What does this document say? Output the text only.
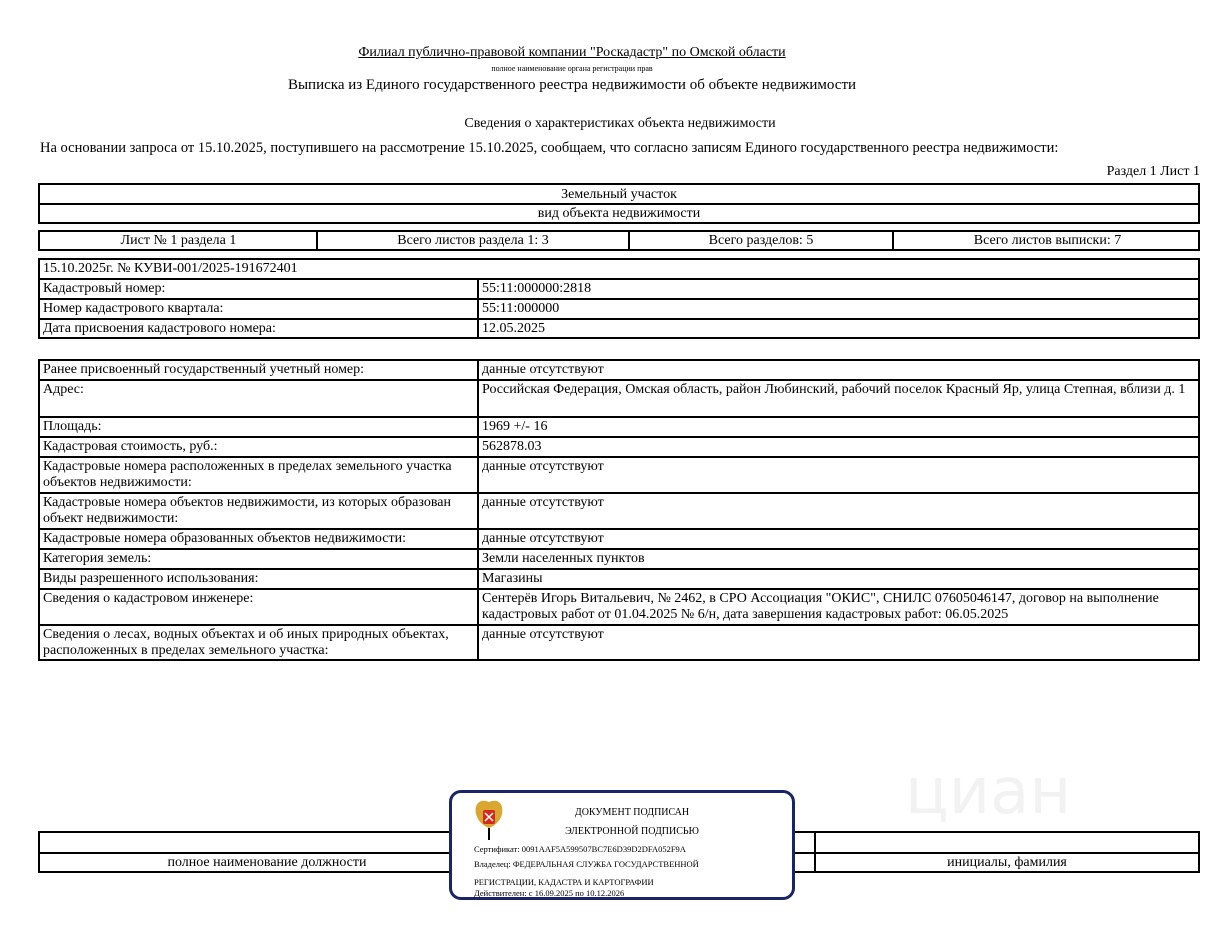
Филиал публично-правовой компании "Роскадастр" по Омской области
полное наименование органа регистрации прав
Выписка из Единого государственного реестра недвижимости об объекте недвижимости
Сведения о характеристиках объекта недвижимости
На основании запроса от 15.10.2025, поступившего на рассмотрение 15.10.2025, сообщаем, что согласно записям Единого государственного реестра недвижимости:
Раздел 1 Лист 1
Земельный участок
вид объекта недвижимости
Лист № 1 раздела 1	Всего листов раздела 1: 3	Всего разделов: 5	Всего листов выписки: 7
15.10.2025г. № КУВИ-001/2025-191672401
Кадастровый номер:	55:11:000000:2818
Номер кадастрового квартала:	55:11:000000
Дата присвоения кадастрового номера:	12.05.2025
Ранее присвоенный государственный учетный номер:	данные отсутствуют
Адрес:	Российская Федерация, Омская область, район Любинский, рабочий поселок Красный Яр, улица Степная, вблизи д. 1
Площадь:	1969 +/- 16
Кадастровая стоимость, руб.:	562878.03
Кадастровые номера расположенных в пределах земельного участка объектов недвижимости:
данные отсутствуют
Кадастровые номера объектов недвижимости, из которых образован объект недвижимости:
данные отсутствуют
Кадастровые номера образованных объектов недвижимости:	данные отсутствуют
Категория земель:	Земли населенных пунктов
Виды разрешенного использования:	Магазины
Сведения о кадастровом инженере:	Сентерёв Игорь Витальевич, № 2462, в СРО Ассоциация "ОКИС", СНИЛС 07605046147, договор на выполнение кадастровых работ от 01.04.2025 № 6/н, дата завершения кадастровых работ: 06.05.2025
Сведения о лесах, водных объектах и об иных природных объектах, расположенных в пределах земельного участка:
данные отсутствуют
полное наименование должности	инициалы, фамилия
циан
ДОКУМЕНТ ПОДПИСАН
ЭЛЕКТРОННОЙ ПОДПИСЬЮ
Сертификат: 0091AAF5A599507BC7E6D39D2DFA052F9A
Владелец: ФЕДЕРАЛЬНАЯ СЛУЖБА ГОСУДАРСТВЕННОЙ
РЕГИСТРАЦИИ, КАДАСТРА И КАРТОГРАФИИ
Действителен: с 16.09.2025 по 10.12.2026
